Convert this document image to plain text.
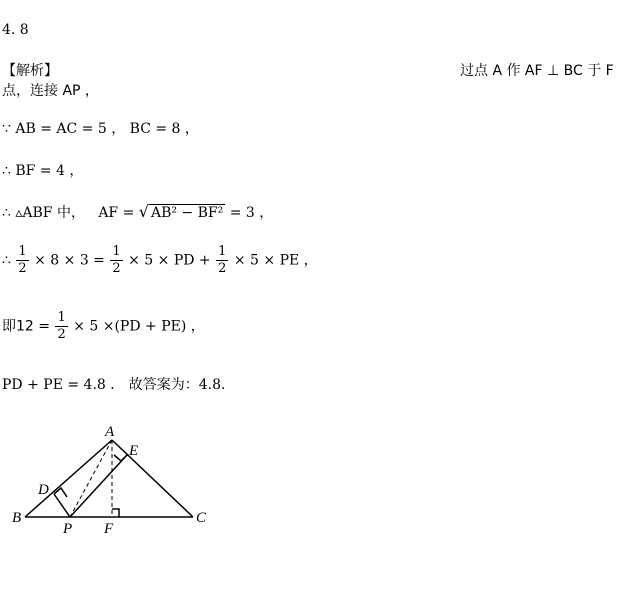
4. 8
【解析】	过点 A 作 AF ⊥ BC 于 F
点，连接 AP ，
∵ AB = AC = 5 ， BC = 8 ，
∴ BF = 4 ，
∴ ▵ABF 中， AF = √ AB² − BF² = 3 ，
∴ $\frac{1}{2} \times 8 \times 3 = \frac{1}{2} \times 5$ × PD + $\frac{1}{2} \times 5$ × PE ，
即$12 = \frac{1}{2} \times 5 \times(PD + PE)$ ，
PD + PE = 4.8 ． 故答案为：4.8.
A
E
D
B	C
P F
